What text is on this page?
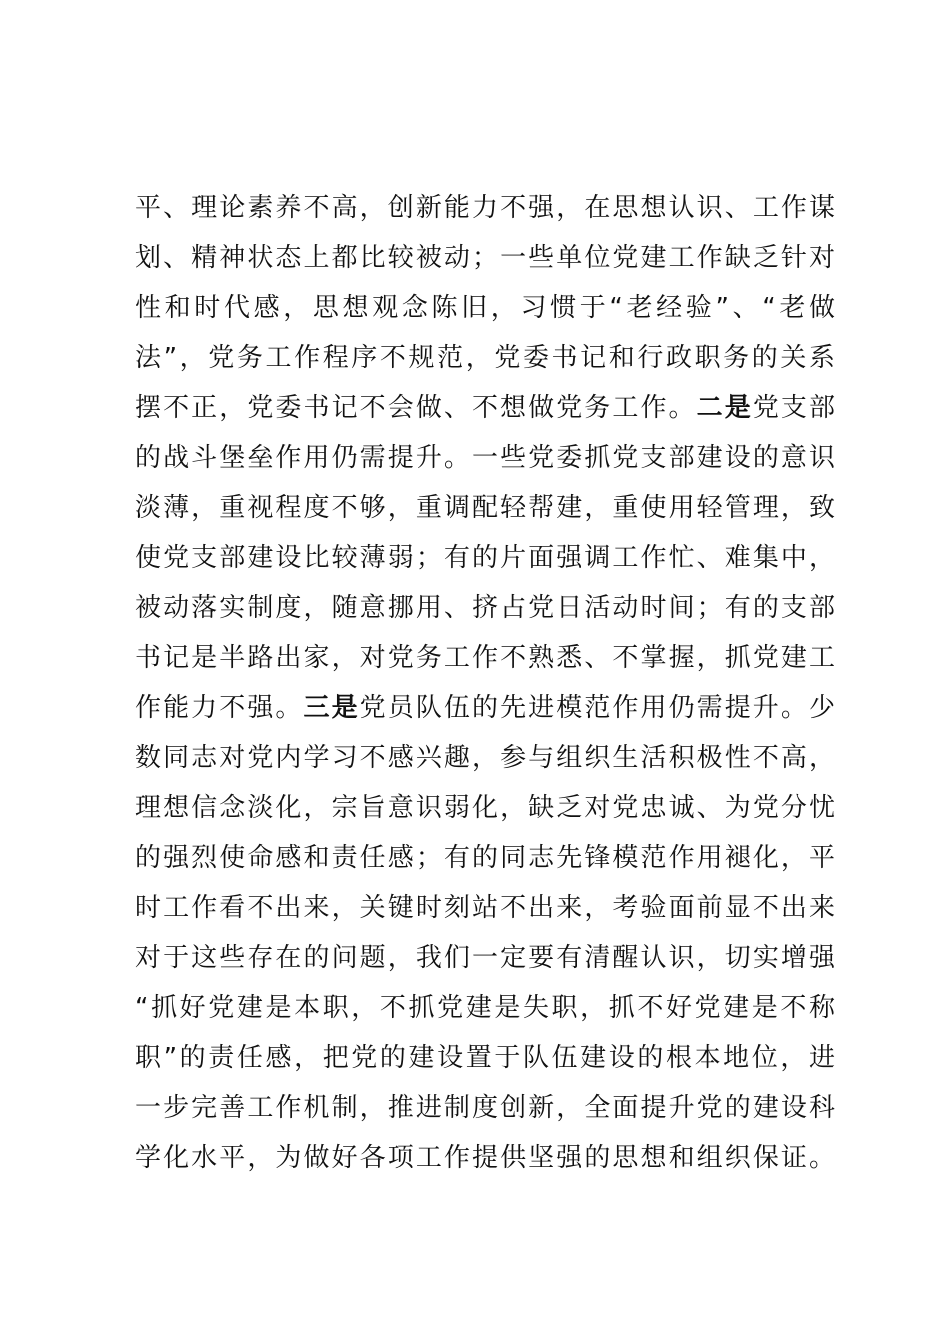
平、理论素养不高，创新能力不强，在思想认识、工作谋
划、精神状态上都比较被动；一些单位党建工作缺乏针对
性和时代感，思想观念陈旧，习惯于“老经验”、“老做
法”，党务工作程序不规范，党委书记和行政职务的关系
摆不正，党委书记不会做、不想做党务工作。二是党支部
的战斗堡垒作用仍需提升。一些党委抓党支部建设的意识
淡薄，重视程度不够，重调配轻帮建，重使用轻管理，致
使党支部建设比较薄弱；有的片面强调工作忙、难集中，
被动落实制度，随意挪用、挤占党日活动时间；有的支部
书记是半路出家，对党务工作不熟悉、不掌握，抓党建工
作能力不强。三是党员队伍的先进模范作用仍需提升。少
数同志对党内学习不感兴趣，参与组织生活积极性不高，
理想信念淡化，宗旨意识弱化，缺乏对党忠诚、为党分忧
的强烈使命感和责任感；有的同志先锋模范作用褪化，平
时工作看不出来，关键时刻站不出来，考验面前显不出来
对于这些存在的问题，我们一定要有清醒认识，切实增强
“抓好党建是本职，不抓党建是失职，抓不好党建是不称
职”的责任感，把党的建设置于队伍建设的根本地位，进
一步完善工作机制，推进制度创新，全面提升党的建设科
学化水平，为做好各项工作提供坚强的思想和组织保证。
